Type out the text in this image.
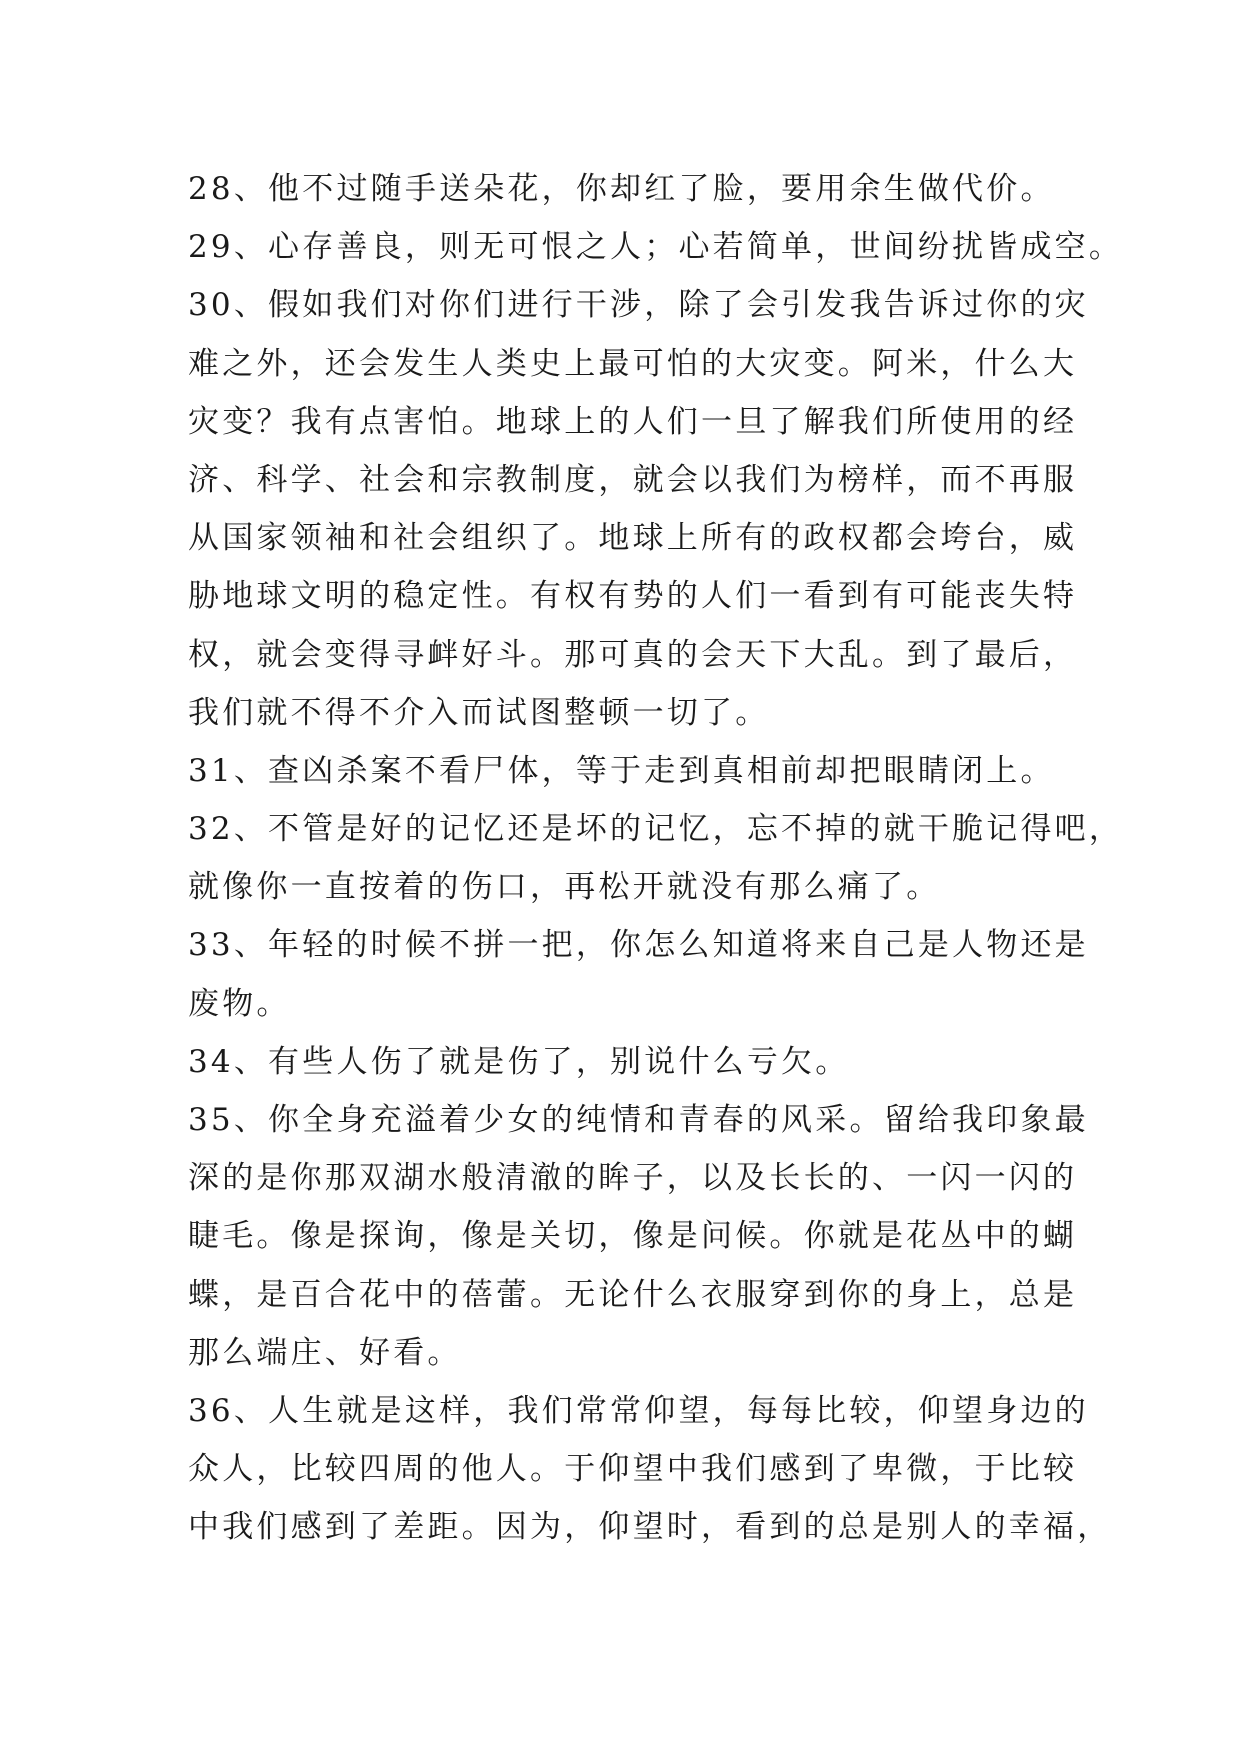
28、他不过随手送朵花，你却红了脸，要用余生做代价。
29、心存善良，则无可恨之人；心若简单，世间纷扰皆成空。
30、假如我们对你们进行干涉，除了会引发我告诉过你的灾
难之外，还会发生人类史上最可怕的大灾变。阿米，什么大
灾变？我有点害怕。地球上的人们一旦了解我们所使用的经
济、科学、社会和宗教制度，就会以我们为榜样，而不再服
从国家领袖和社会组织了。地球上所有的政权都会垮台，威
胁地球文明的稳定性。有权有势的人们一看到有可能丧失特
权，就会变得寻衅好斗。那可真的会天下大乱。到了最后，
我们就不得不介入而试图整顿一切了。
31、查凶杀案不看尸体，等于走到真相前却把眼睛闭上。
32、不管是好的记忆还是坏的记忆，忘不掉的就干脆记得吧，
就像你一直按着的伤口，再松开就没有那么痛了。
33、年轻的时候不拼一把，你怎么知道将来自己是人物还是
废物。
34、有些人伤了就是伤了，别说什么亏欠。
35、你全身充溢着少女的纯情和青春的风采。留给我印象最
深的是你那双湖水般清澈的眸子，以及长长的、一闪一闪的
睫毛。像是探询，像是关切，像是问候。你就是花丛中的蝴
蝶，是百合花中的蓓蕾。无论什么衣服穿到你的身上，总是
那么端庄、好看。
36、人生就是这样，我们常常仰望，每每比较，仰望身边的
众人，比较四周的他人。于仰望中我们感到了卑微，于比较
中我们感到了差距。因为，仰望时，看到的总是别人的幸福，
